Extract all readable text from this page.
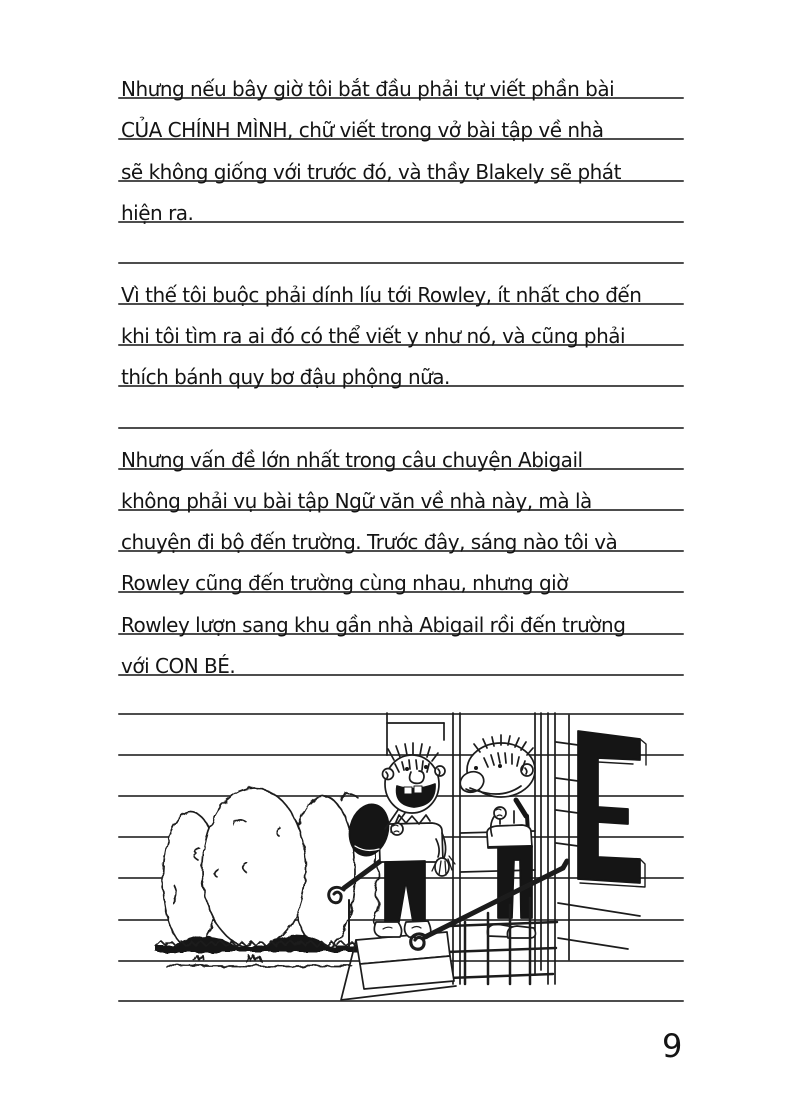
Nhưng nếu bây giờ tôi bắt đầu phải tự viết phần bài
CỦA CHÍNH MÌNH, chữ viết trong vở bài tập về nhà
sẽ không giống với trước đó, và thầy Blakely sẽ phát
hiện ra.
Vì thế tôi buộc phải dính líu tới Rowley, ít nhất cho đến
khi tôi tìm ra ai đó có thể viết y như nó, và cũng phải
thích bánh quy bơ đậu phộng nữa.
Nhưng vấn đề lớn nhất trong câu chuyện Abigail
không phải vụ bài tập Ngữ văn về nhà này, mà là
chuyện đi bộ đến trường. Trước đây, sáng nào tôi và
Rowley cũng đến trường cùng nhau, nhưng giờ
Rowley lượn sang khu gần nhà Abigail rồi đến trường
với CON BÉ.
9
